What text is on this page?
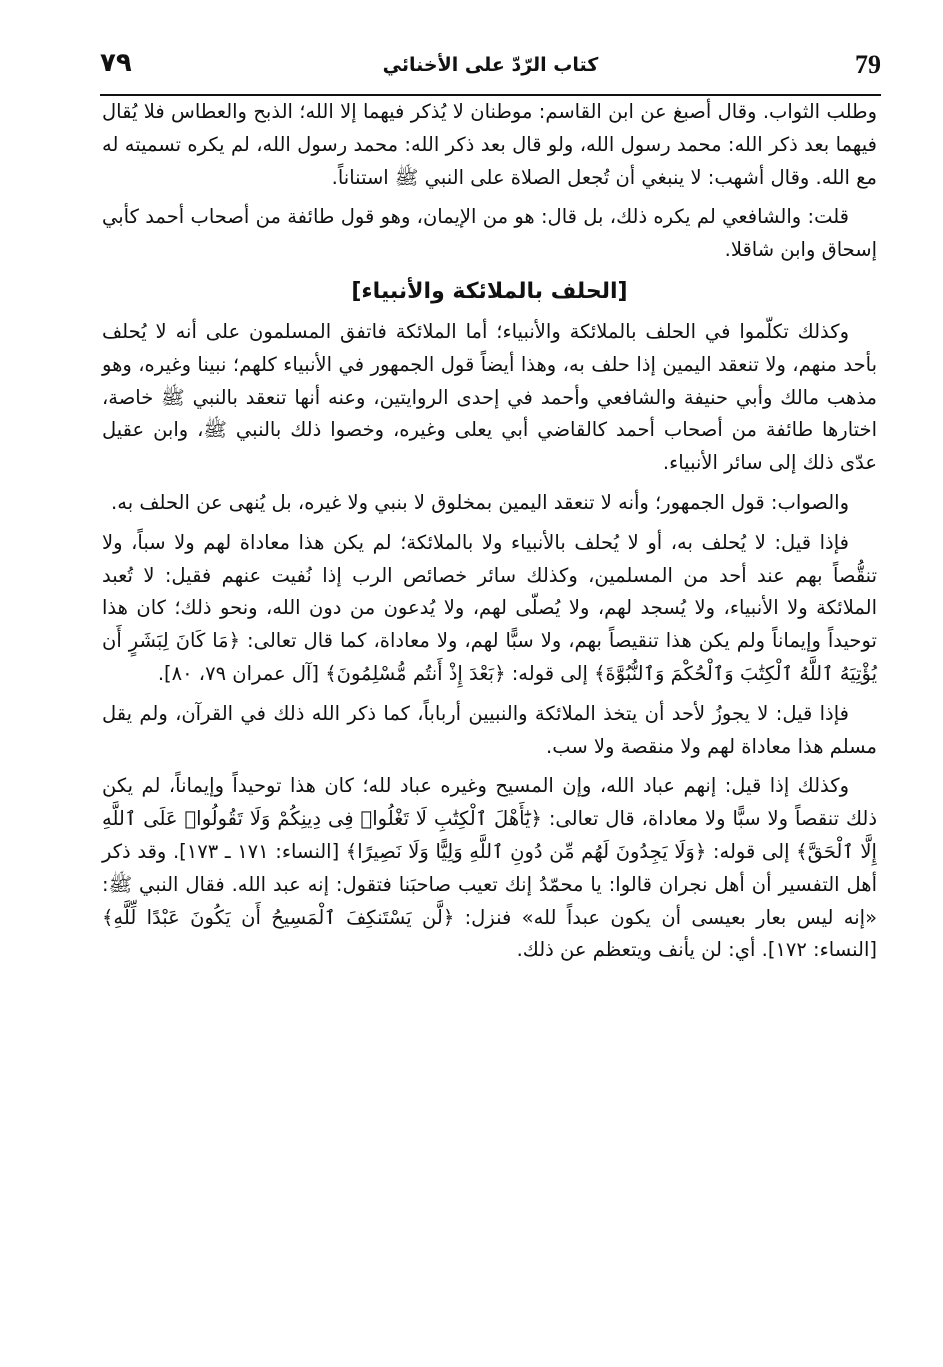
٧٩	كتاب الرّدّ على الأخنائي	79

وطلب الثواب. وقال أصبغ عن ابن القاسم: موطنان لا يُذكر فيهما إلا الله؛ الذبح والعطاس فلا يُقال فيهما بعد ذكر الله: محمد رسول الله، ولو قال بعد ذكر الله: محمد رسول الله، لم يكره تسميته له مع الله. وقال أشهب: لا ينبغي أن تُجعل الصلاة على النبي ﷺ استناناً.

قلت: والشافعي لم يكره ذلك، بل قال: هو من الإيمان، وهو قول طائفة من أصحاب أحمد كأبي إسحاق وابن شاقلا.

[الحلف بالملائكة والأنبياء]

وكذلك تكلّموا في الحلف بالملائكة والأنبياء؛ أما الملائكة فاتفق المسلمون على أنه لا يُحلف بأحد منهم، ولا تنعقد اليمين إذا حلف به، وهذا أيضاً قول الجمهور في الأنبياء كلهم؛ نبينا وغيره، وهو مذهب مالك وأبي حنيفة والشافعي وأحمد في إحدى الروايتين، وعنه أنها تنعقد بالنبي ﷺ خاصة، اختارها طائفة من أصحاب أحمد كالقاضي أبي يعلى وغيره، وخصوا ذلك بالنبي ﷺ، وابن عقيل عدّى ذلك إلى سائر الأنبياء.

والصواب: قول الجمهور؛ وأنه لا تنعقد اليمين بمخلوق لا بنبي ولا غيره، بل يُنهى عن الحلف به.

فإذا قيل: لا يُحلف به، أو لا يُحلف بالأنبياء ولا بالملائكة؛ لم يكن هذا معاداة لهم ولا سباً، ولا تنقُّصاً بهم عند أحد من المسلمين، وكذلك سائر خصائص الرب إذا نُفيت عنهم فقيل: لا تُعبد الملائكة ولا الأنبياء، ولا يُسجد لهم، ولا يُصلّى لهم، ولا يُدعون من دون الله، ونحو ذلك؛ كان هذا توحيداً وإيماناً ولم يكن هذا تنقيصاً بهم، ولا سبًّا لهم، ولا معاداة، كما قال تعالى: ﴿مَا كَانَ لِبَشَرٍ أَن يُؤْتِيَهُ ٱللَّهُ ٱلْكِتَٰبَ وَٱلْحُكْمَ وَٱلنُّبُوَّةَ﴾ إلى قوله: ﴿بَعْدَ إِذْ أَنتُم مُّسْلِمُونَ﴾ [آل عمران ٧٩، ٨٠].

فإذا قيل: لا يجوزُ لأحد أن يتخذ الملائكة والنبيين أرباباً، كما ذكر الله ذلك في القرآن، ولم يقل مسلم هذا معاداة لهم ولا منقصة ولا سب.

وكذلك إذا قيل: إنهم عباد الله، وإن المسيح وغيره عباد لله؛ كان هذا توحيداً وإيماناً، لم يكن ذلك تنقصاً ولا سبًّا ولا معاداة، قال تعالى: ﴿يَٰٓأَهْلَ ٱلْكِتَٰبِ لَا تَغْلُوا۟ فِى دِينِكُمْ وَلَا تَقُولُوا۟ عَلَى ٱللَّهِ إِلَّا ٱلْحَقَّ﴾ إلى قوله: ﴿وَلَا يَجِدُونَ لَهُم مِّن دُونِ ٱللَّهِ وَلِيًّا وَلَا نَصِيرًا﴾ [النساء: ١٧١ ـ ١٧٣]. وقد ذكر أهل التفسير أن أهل نجران قالوا: يا محمّدُ إنك تعيب صاحبَنا فتقول: إنه عبد الله. فقال النبي ﷺ: «إنه ليس بعار بعيسى أن يكون عبداً لله» فنزل: ﴿لَّن يَسْتَنكِفَ ٱلْمَسِيحُ أَن يَكُونَ عَبْدًا لِّلَّهِ﴾ [النساء: ١٧٢]. أي: لن يأنف ويتعظم عن ذلك.
